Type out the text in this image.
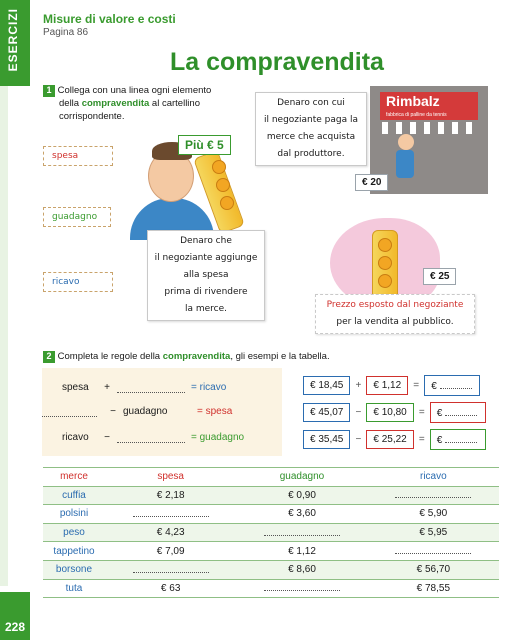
ESERCIZI
228
Misure di valore e costi
Pagina 86
La compravendita
1 Collega con una linea ogni elemento
della compravendita al cartellino
corrispondente.
spesa
guadagno
ricavo
Più € 5
Denaro con cui
il negoziante paga la
merce che acquista
dal produttore.
Rimbalz
fabbrica di palline da tennis
€ 20
Denaro che
il negoziante aggiunge
alla spesa
prima di rivendere
la merce.
€ 25
Prezzo esposto dal negoziante
per la vendita al pubblico.
2 Completa le regole della compravendita, gli esempi e la tabella.
spesa	+	= ricavo
− guadagno	= spesa
ricavo	−	= guadagno
€ 18,45	+	€ 1,12	=	€
€ 45,07	−	€ 10,80	=	€
€ 35,45	−	€ 25,22	=	€
merce	spesa	guadagno	ricavo
cuffia	€ 2,18	€ 0,90	
polsini		€ 3,60	€ 5,90
peso	€ 4,23		€ 5,95
tappetino	€ 7,09	€ 1,12	
borsone		€ 8,60	€ 56,70
tuta	€ 63		€ 78,55
